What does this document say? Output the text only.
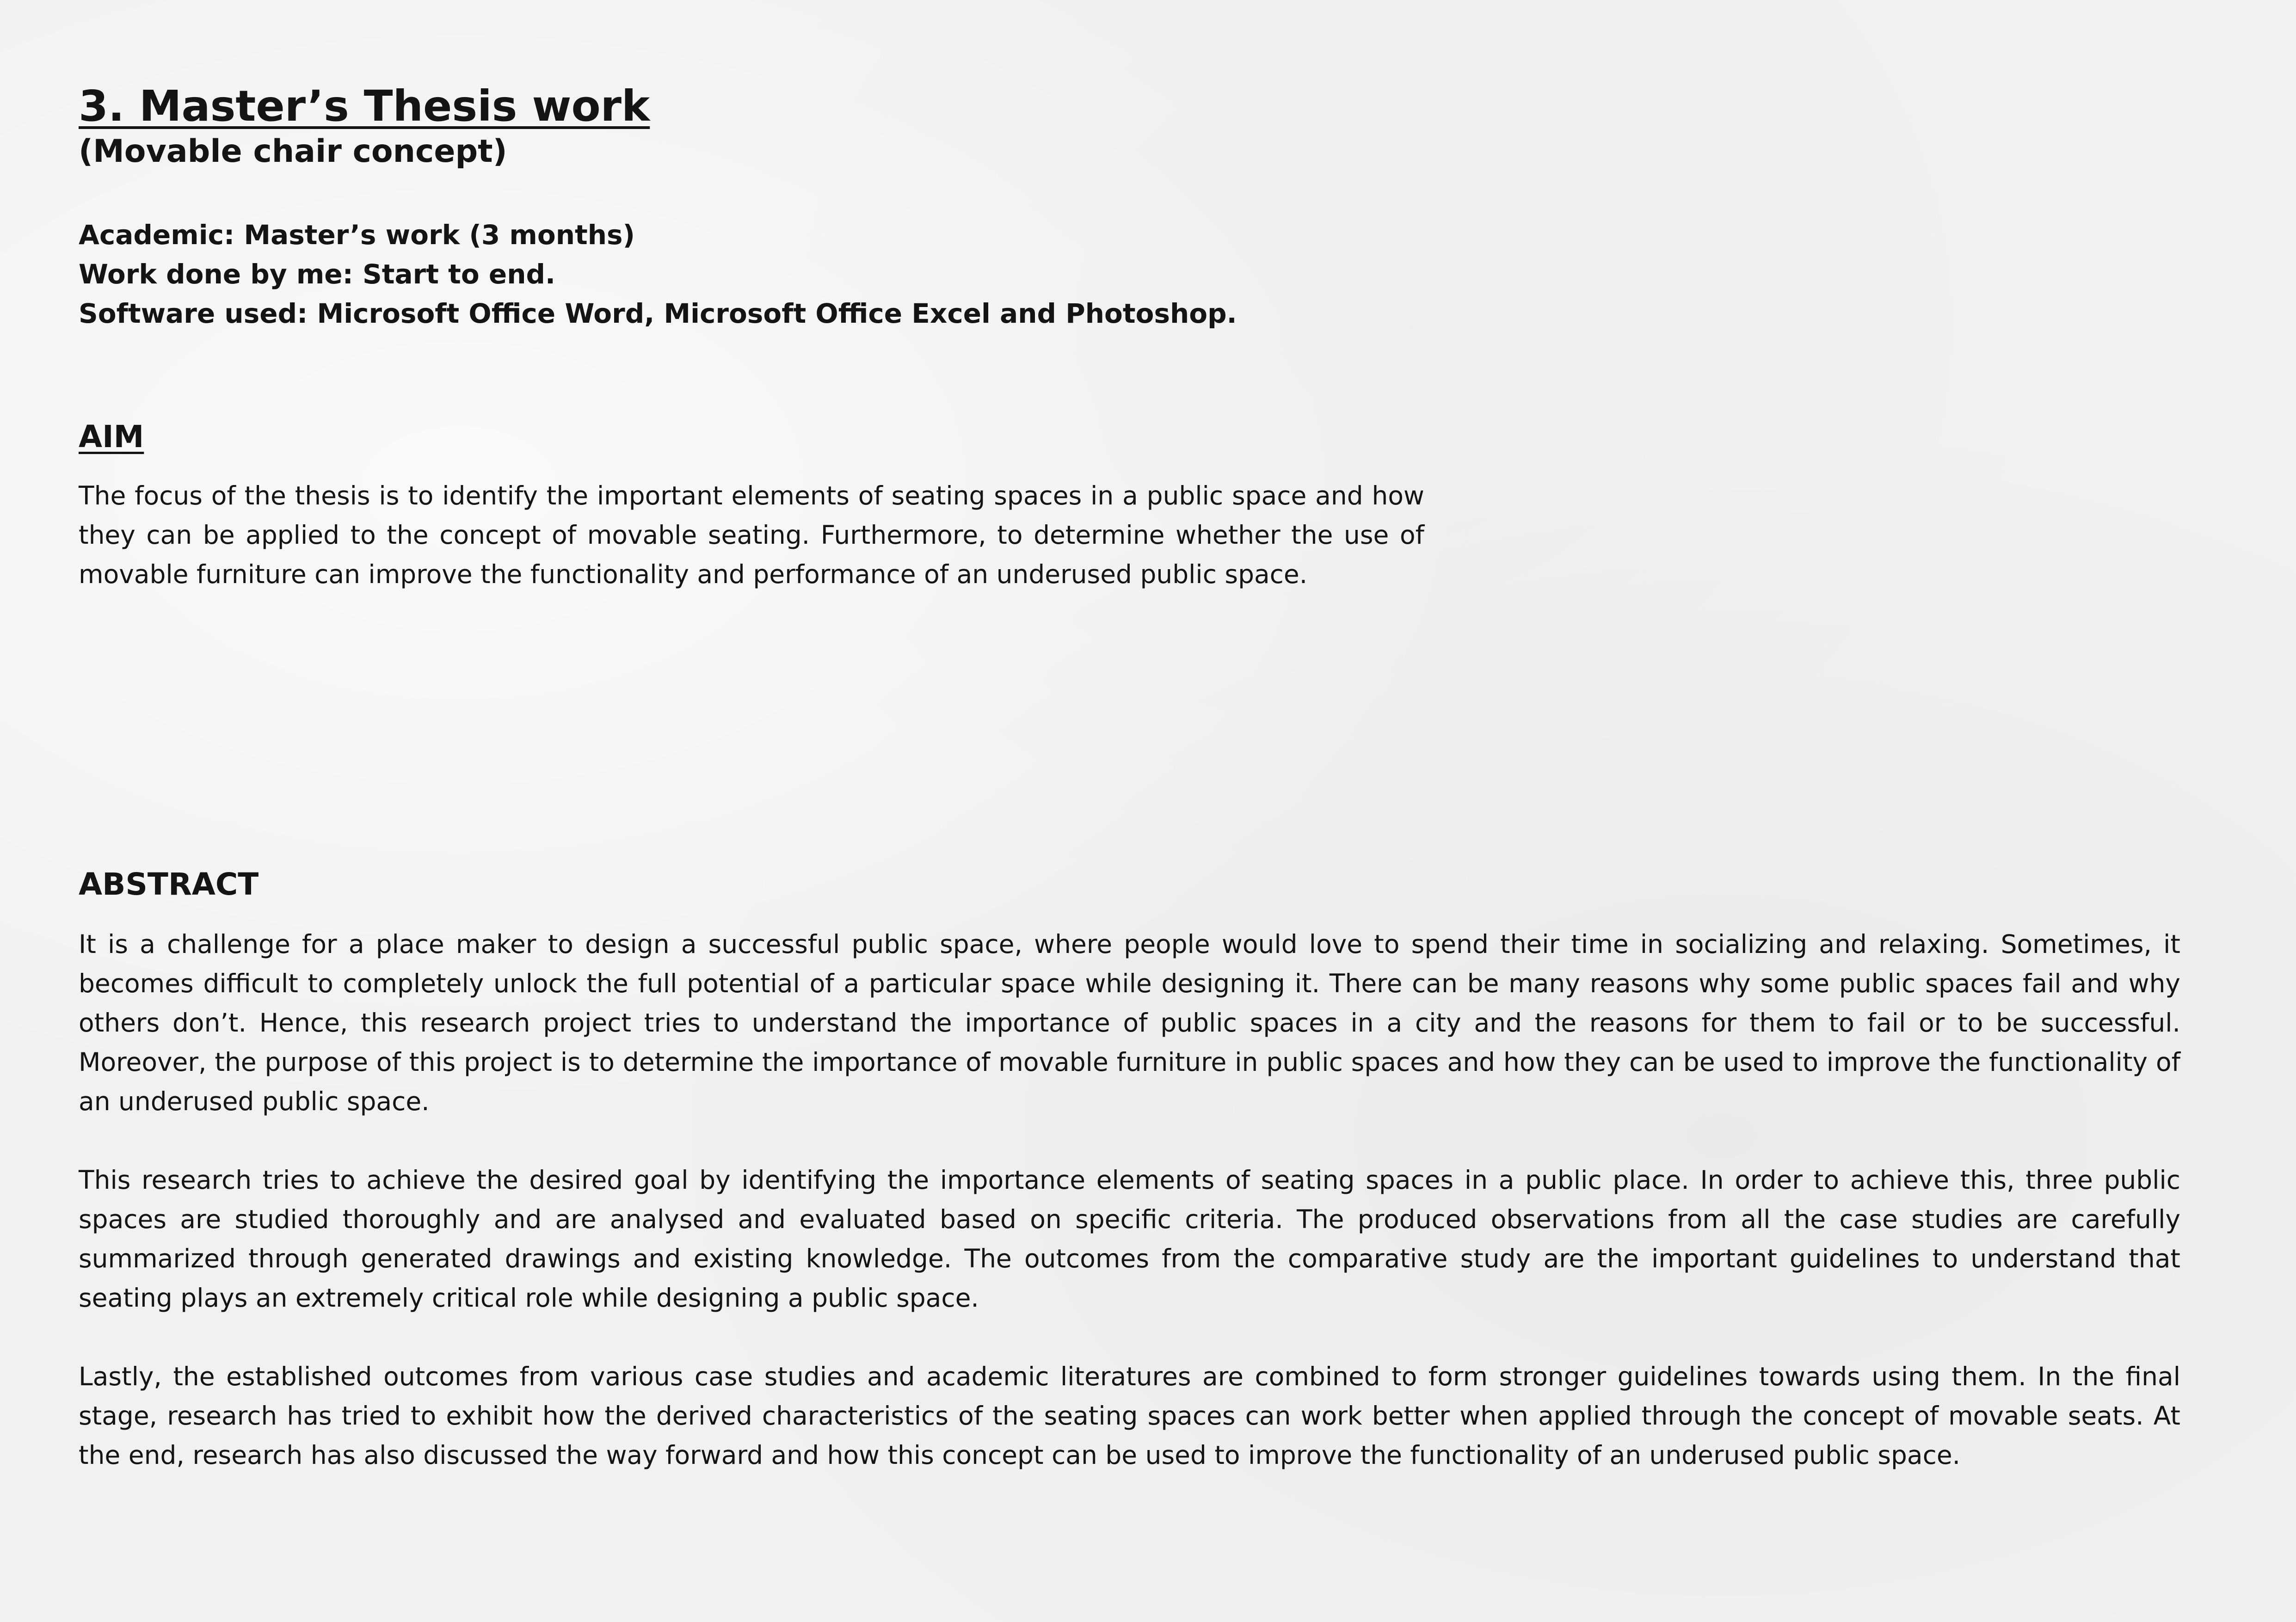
3. Master’s Thesis work
(Movable chair concept)
Academic: Master’s work (3 months)
Work done by me: Start to end.
Software used: Microsoft Office Word, Microsoft Office Excel and Photoshop.
AIM

The focus of the thesis is to identify the important elements of seating spaces in a public space and how they can be applied to the concept of movable seating. Furthermore, to determine whether the use of movable furniture can improve the functionality and performance of an underused public space.

ABSTRACT

It is a challenge for a place maker to design a successful public space, where people would love to spend their time in socializing and relaxing. Sometimes, it becomes difficult to completely unlock the full potential of a particular space while designing it. There can be many reasons why some public spaces fail and why others don’t. Hence, this research project tries to understand the importance of public spaces in a city and the reasons for them to fail or to be successful. Moreover, the purpose of this project is to determine the importance of movable furniture in public spaces and how they can be used to improve the functionality of an underused public space.

This research tries to achieve the desired goal by identifying the importance elements of seating spaces in a public place. In order to achieve this, three public spaces are studied thoroughly and are analysed and evaluated based on specific criteria. The produced observations from all the case studies are carefully summarized through generated drawings and existing knowledge. The outcomes from the comparative study are the important guidelines to understand that seating plays an extremely critical role while designing a public space.

Lastly, the established outcomes from various case studies and academic literatures are combined to form stronger guidelines towards using them. In the final stage, research has tried to exhibit how the derived characteristics of the seating spaces can work better when applied through the concept of movable seats. At the end, research has also discussed the way forward and how this concept can be used to improve the functionality of an underused public space.
